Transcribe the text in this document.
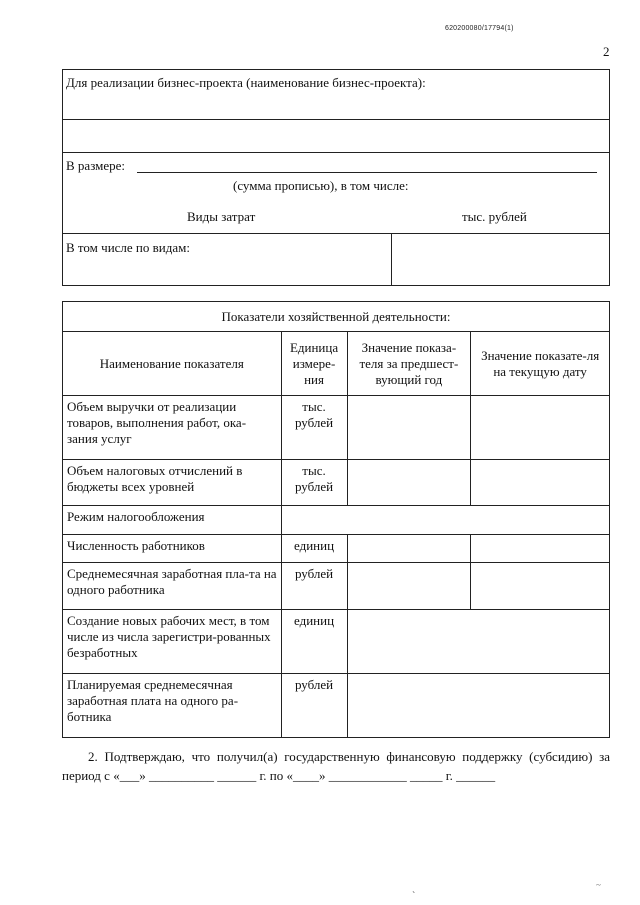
620200080/17794(1)
2
Для реализации бизнес-проекта (наименование бизнес-проекта):
В размере:
(сумма прописью), в том числе:
Виды затрат	тыс. рублей
В том числе по видам:
Показатели хозяйственной деятельности:			
Наименование показателя	Единица измере-ния	Значение показа-теля за предшест-вующий год	Значение показате-ля на текущую дату
Объем выручки от реализации товаров, выполнения работ, ока-зания услуг	тыс. рублей		
Объем налоговых отчислений в бюджеты всех уровней	тыс. рублей		
Режим налогообложения			
Численность работников	единиц		
Среднемесячная заработная пла-та на одного работника	рублей		
Создание новых рабочих мест, в том числе из числа зарегистри-рованных безработных	единиц		
Планируемая среднемесячная заработная плата на одного ра-ботника	рублей		
2. Подтверждаю, что получил(а) государственную финансовую поддержку (субсидию) за период с «___» __________ ______ г. по «____» ____________ _____ г. ______
~
`
